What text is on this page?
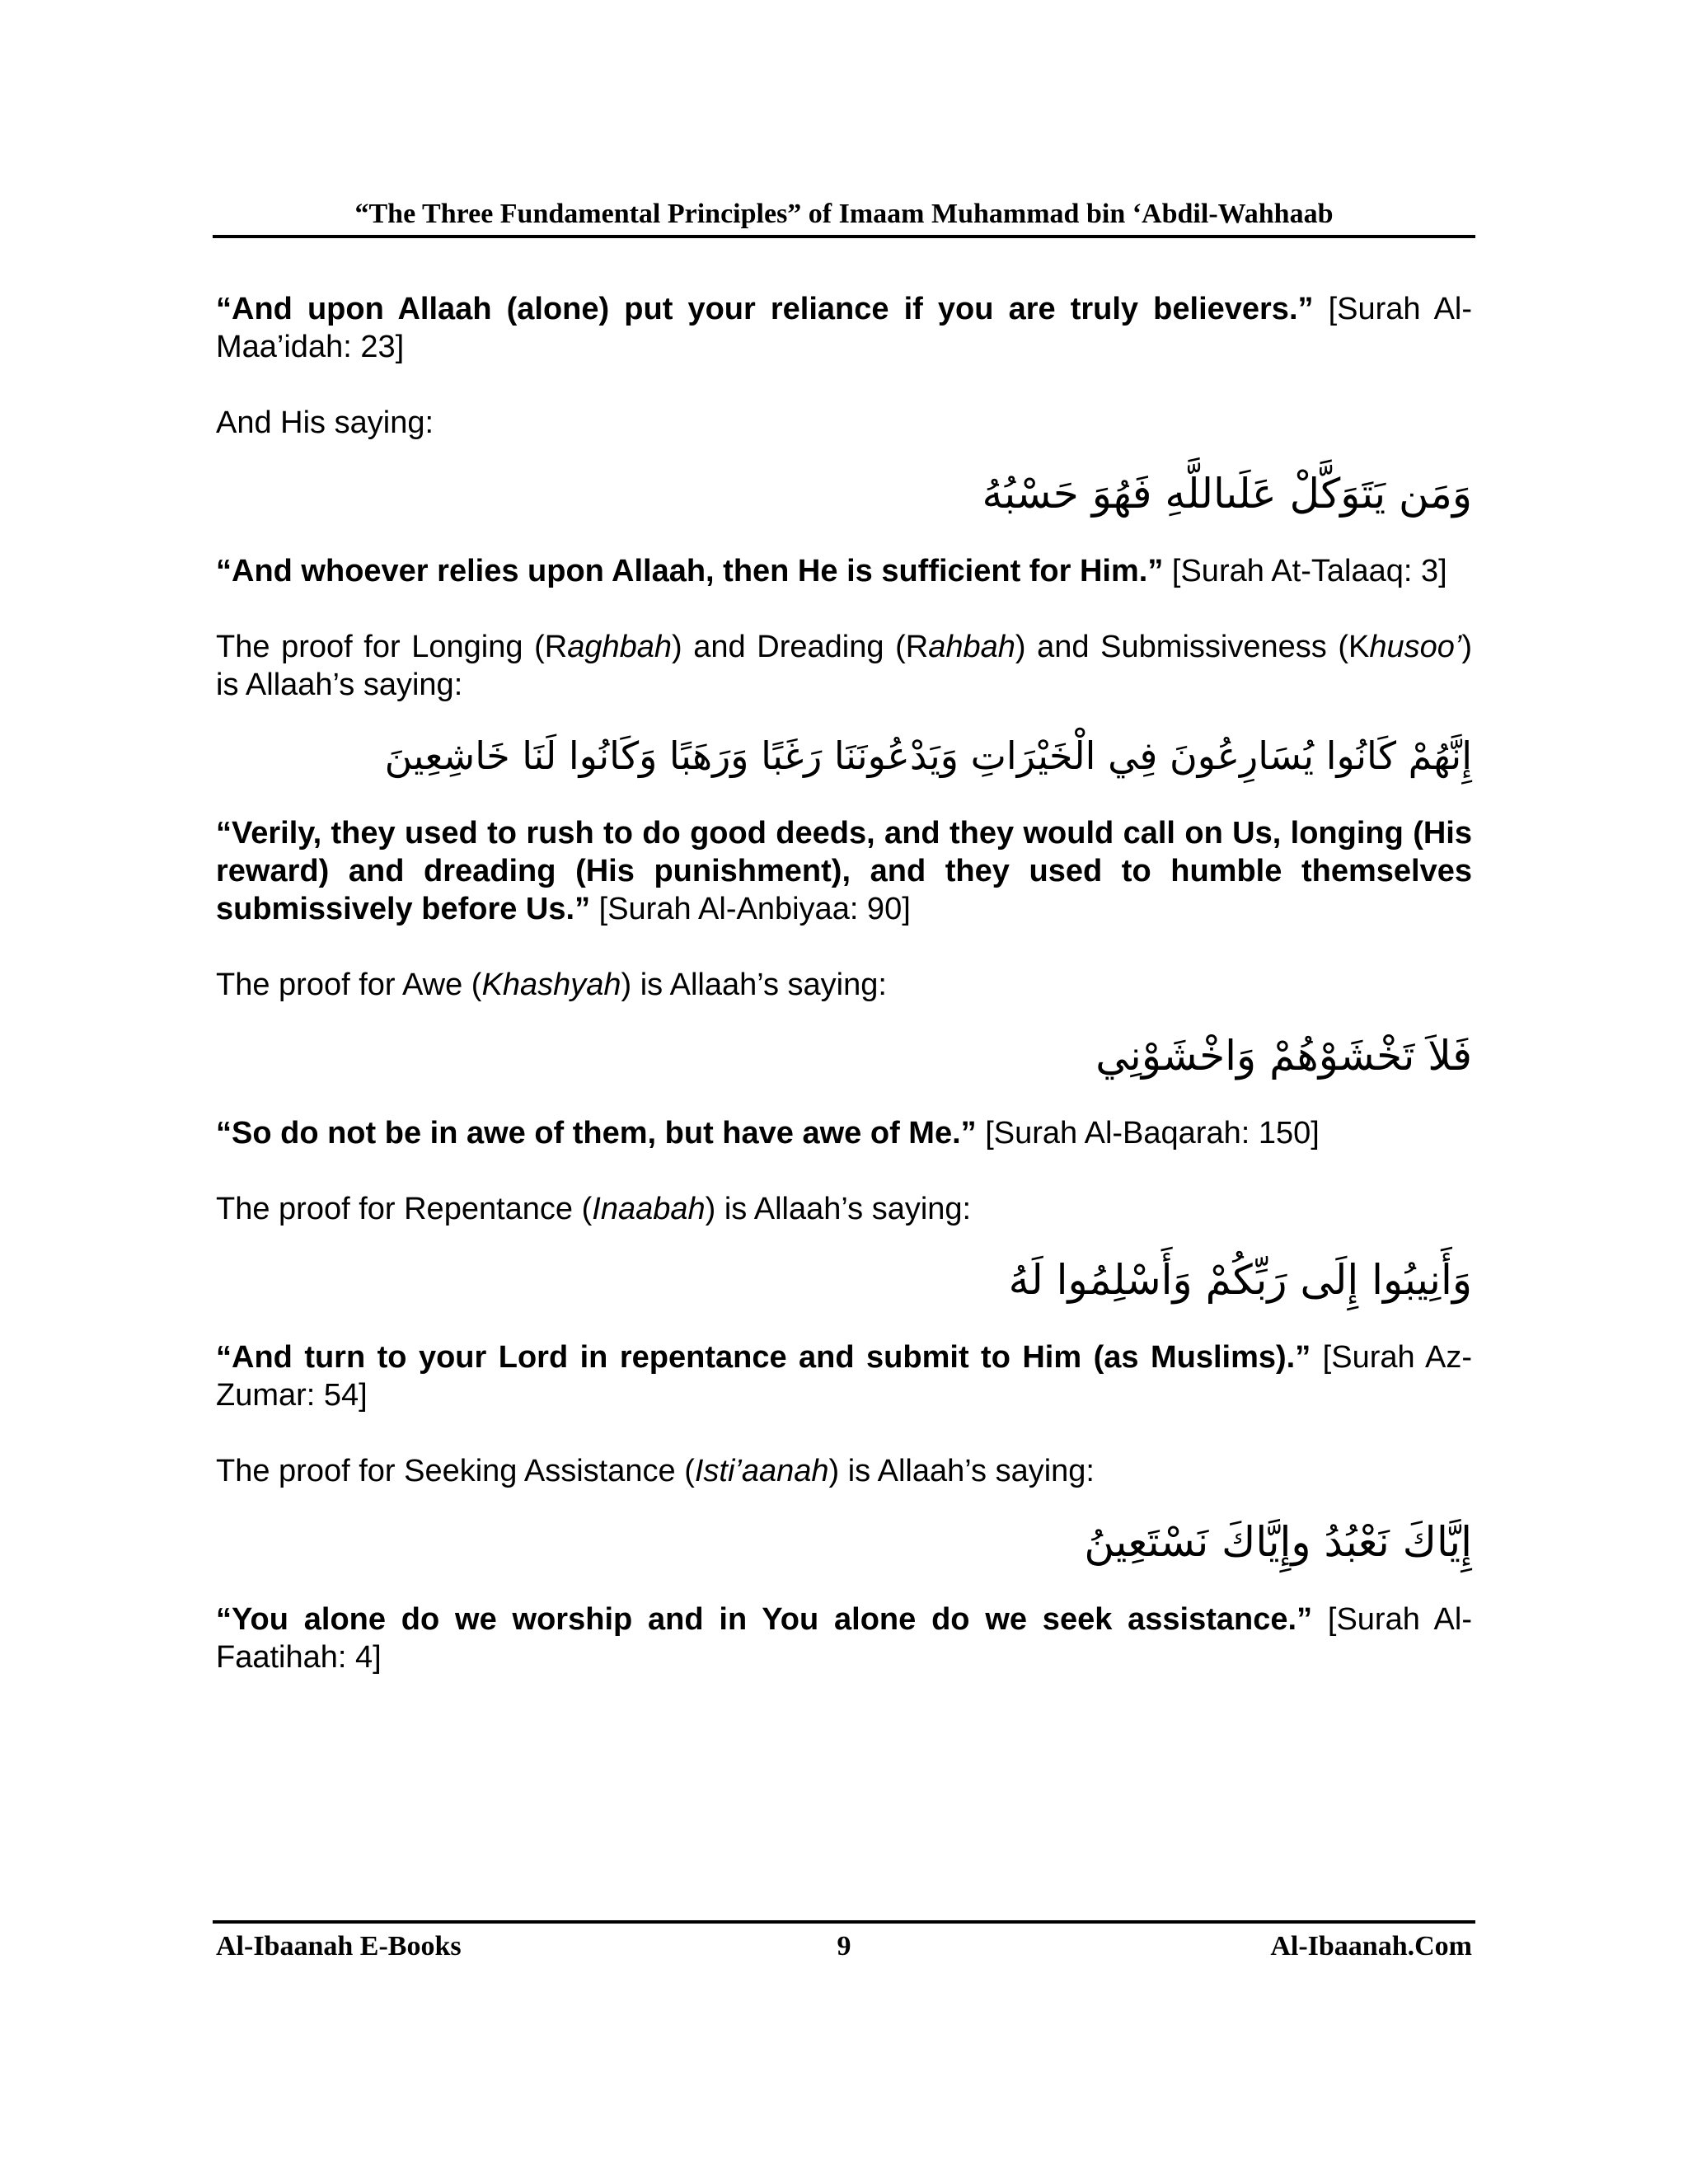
“The Three Fundamental Principles” of Imaam Muhammad bin ‘Abdil-Wahhaab

“And upon Allaah (alone) put your reliance if you are truly believers.” [Surah Al-Maa’idah: 23]

And His saying:

وَمَن يَتَوَكَّلْ عَلَىاللَّهِ فَهُوَ حَسْبُهُ

“And whoever relies upon Allaah, then He is sufficient for Him.” [Surah At-Talaaq: 3]

The proof for Longing (Raghbah) and Dreading (Rahbah) and Submissiveness (Khusoo’) is Allaah’s saying:

إِنَّهُمْ كَانُوا يُسَارِعُونَ فِي الْخَيْرَاتِ وَيَدْعُونَنَا رَغَبًا وَرَهَبًا وَكَانُوا لَنَا خَاشِعِينَ

“Verily, they used to rush to do good deeds, and they would call on Us, longing (His reward) and dreading (His punishment), and they used to humble themselves submissively before Us.” [Surah Al-Anbiyaa: 90]

The proof for Awe (Khashyah) is Allaah’s saying:

فَلاَ تَخْشَوْهُمْ وَاخْشَوْنِي

“So do not be in awe of them, but have awe of Me.” [Surah Al-Baqarah: 150]

The proof for Repentance (Inaabah) is Allaah’s saying:

وَأَنِيبُوا إِلَى رَبِّكُمْ وَأَسْلِمُوا لَهُ

“And turn to your Lord in repentance and submit to Him (as Muslims).” [Surah Az-Zumar: 54]

The proof for Seeking Assistance (Isti’aanah) is Allaah’s saying:

إِيَّاكَ نَعْبُدُ وإِيَّاكَ نَسْتَعِينُ

“You alone do we worship and in You alone do we seek assistance.” [Surah Al-Faatihah: 4]

Al-Ibaanah E-Books	9	Al-Ibaanah.Com
